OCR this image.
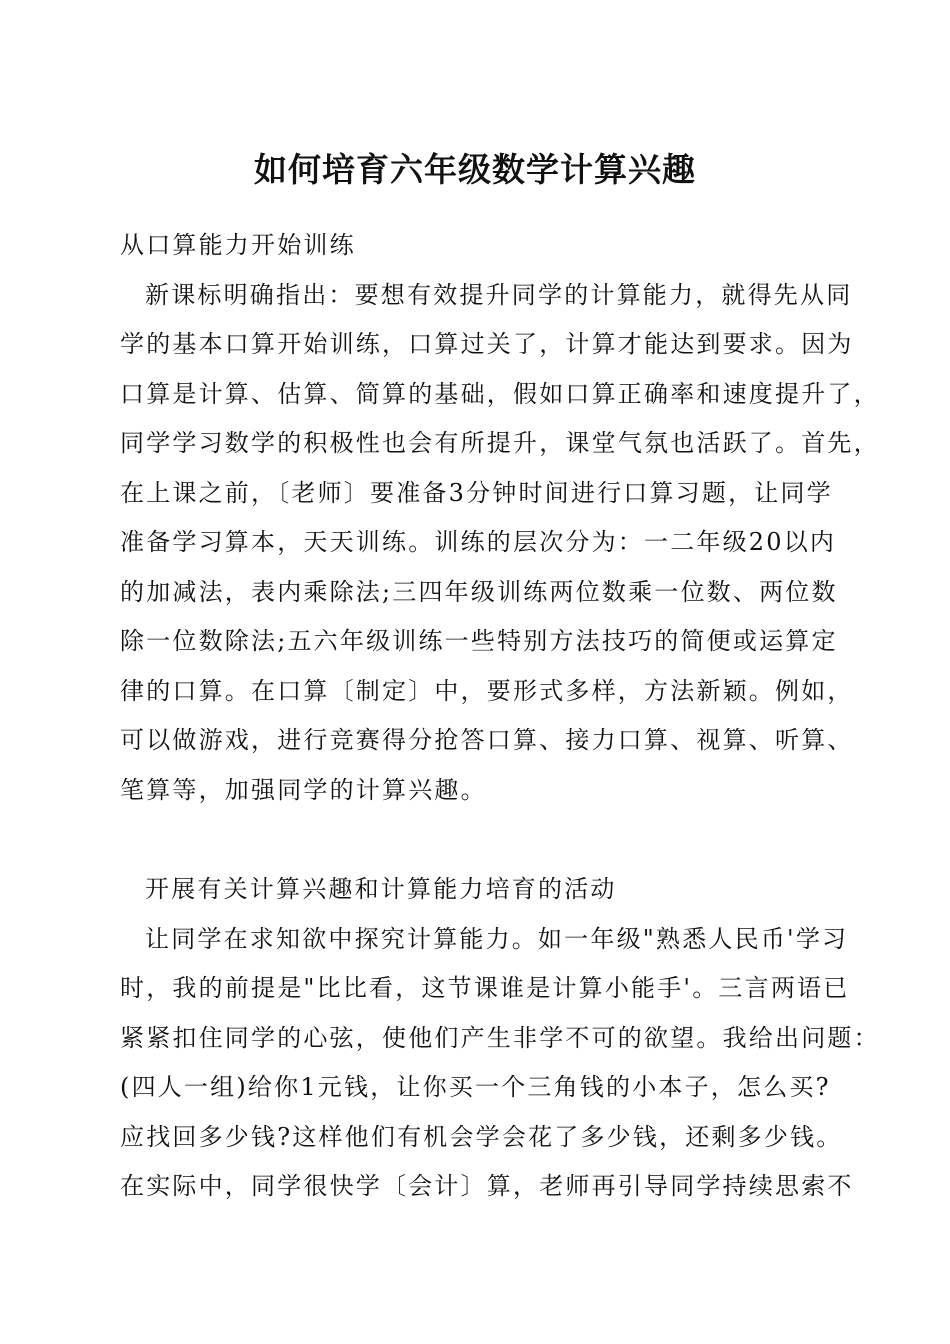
如何培育六年级数学计算兴趣
从口算能力开始训练
新课标明确指出：要想有效提升同学的计算能力，就得先从同
学的基本口算开始训练，口算过关了，计算才能达到要求。因为
口算是计算、估算、简算的基础，假如口算正确率和速度提升了，
同学学习数学的积极性也会有所提升，课堂气氛也活跃了。首先，
在上课之前，〔老师〕要准备3分钟时间进行口算习题，让同学
准备学习算本，天天训练。训练的层次分为：一二年级20以内
的加减法，表内乘除法;三四年级训练两位数乘一位数、两位数
除一位数除法;五六年级训练一些特别方法技巧的简便或运算定
律的口算。在口算〔制定〕中，要形式多样，方法新颖。例如，
可以做游戏，进行竞赛得分抢答口算、接力口算、视算、听算、
笔算等，加强同学的计算兴趣。
开展有关计算兴趣和计算能力培育的活动
让同学在求知欲中探究计算能力。如一年级"熟悉人民币'学习
时，我的前提是"比比看，这节课谁是计算小能手'。三言两语已
紧紧扣住同学的心弦，使他们产生非学不可的欲望。我给出问题：
(四人一组)给你1元钱，让你买一个三角钱的小本子，怎么买?
应找回多少钱?这样他们有机会学会花了多少钱，还剩多少钱。
在实际中，同学很快学〔会计〕算，老师再引导同学持续思索不
